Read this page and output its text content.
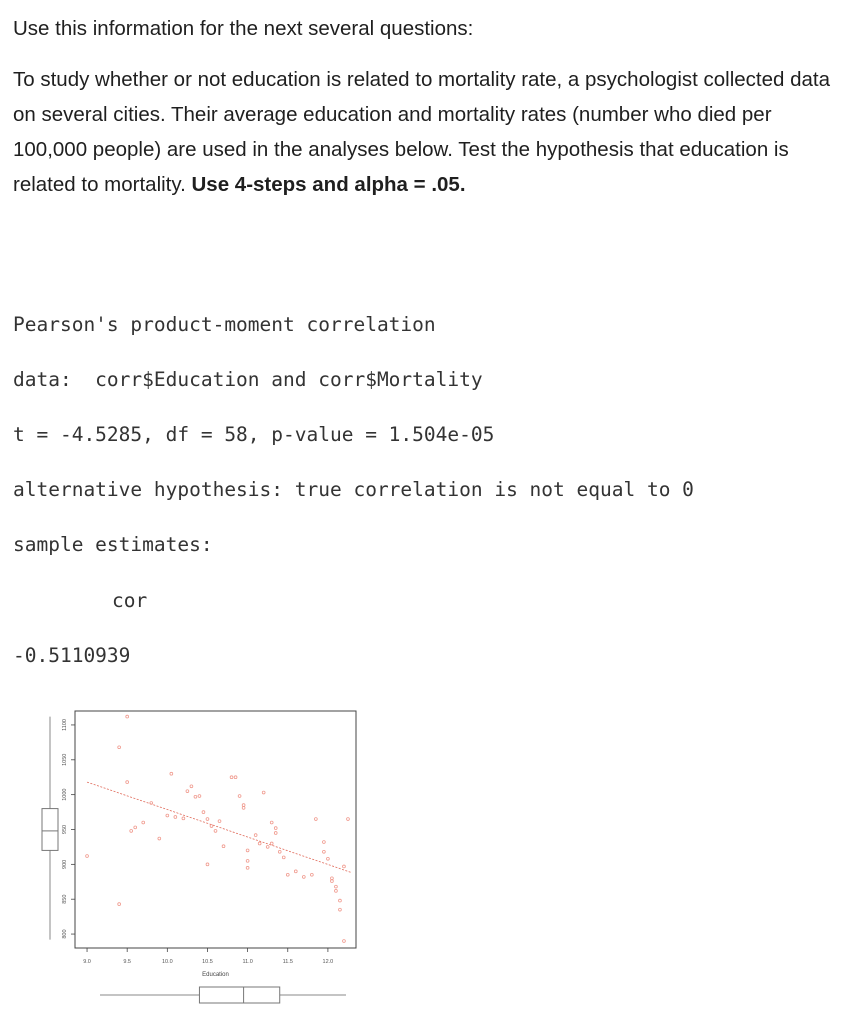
Use this information for the next several questions:

To study whether or not education is related to mortality rate, a psychologist collected data on several cities. Their average education and mortality rates (number who died per 100,000 people) are used in the analyses below. Test the hypothesis that education is related to mortality. Use 4-steps and alpha = .05.

Pearson's product-moment correlation
data:  corr$Education and corr$Mortality
t = -4.5285, df = 58, p-value = 1.504e-05
alternative hypothesis: true correlation is not equal to 0
sample estimates:
cor
-0.5110939
9.0	9.5	10.0	10.5	11.0	11.5	12.0
800
850
900
950
1000
1050
1100
Education
